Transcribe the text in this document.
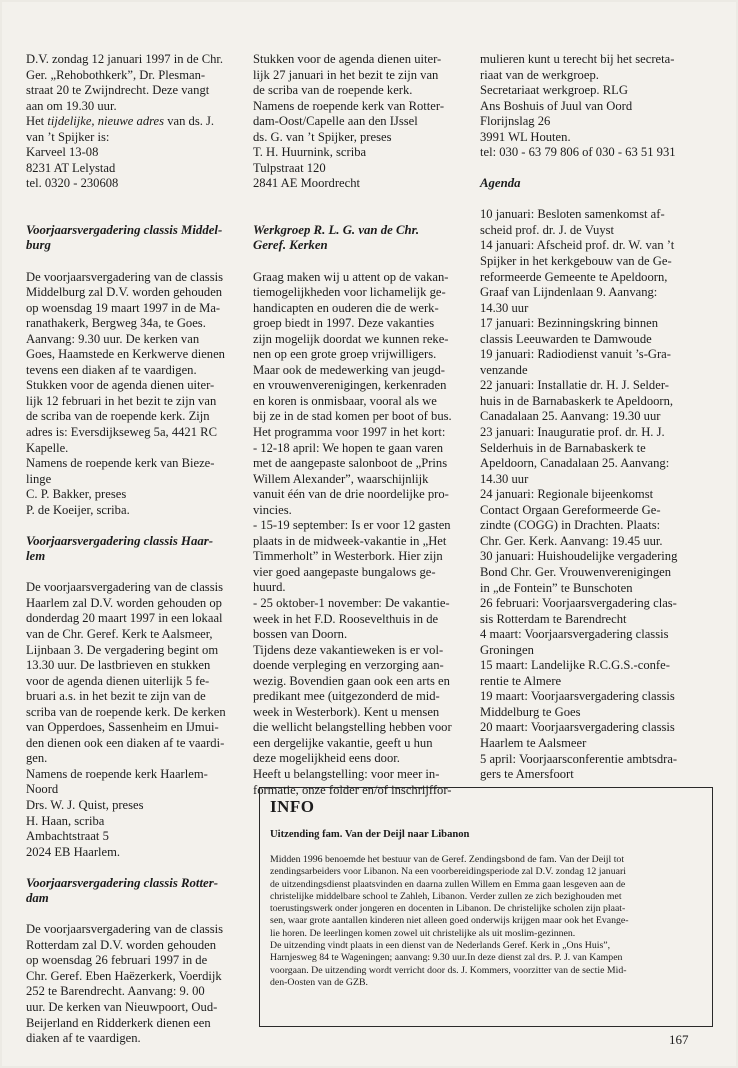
D.V. zondag 12 januari 1997 in de Chr.

Ger. „Rehobothkerk”, Dr. Plesman-

straat 20 te Zwijndrecht. Deze vangt

aan om 19.30 uur.

Het tijdelijke, nieuwe adres van ds. J.

van ’t Spijker is:

Karveel 13-08

8231 AT Lelystad

tel. 0320 - 230608

Voorjaarsvergadering classis Middel-
burg

De voorjaarsvergadering van de classis

Middelburg zal D.V. worden gehouden

op woensdag 19 maart 1997 in de Ma-

ranathakerk, Bergweg 34a, te Goes.

Aanvang: 9.30 uur. De kerken van

Goes, Haamstede en Kerkwerve dienen

tevens een diaken af te vaardigen.

Stukken voor de agenda dienen uiter-

lijk 12 februari in het bezit te zijn van

de scriba van de roepende kerk. Zijn

adres is: Eversdijkseweg 5a, 4421 RC

Kapelle.

Namens de roepende kerk van Bieze-

linge

C. P. Bakker, preses

P. de Koeijer, scriba.

Voorjaarsvergadering classis Haar-
lem

De voorjaarsvergadering van de classis

Haarlem zal D.V. worden gehouden op

donderdag 20 maart 1997 in een lokaal

van de Chr. Geref. Kerk te Aalsmeer,

Lijnbaan 3. De vergadering begint om

13.30 uur. De lastbrieven en stukken

voor de agenda dienen uiterlijk 5 fe-

bruari a.s. in het bezit te zijn van de

scriba van de roepende kerk. De kerken

van Opperdoes, Sassenheim en IJmui-

den dienen ook een diaken af te vaardi-

gen.

Namens de roepende kerk Haarlem-

Noord

Drs. W. J. Quist, preses

H. Haan, scriba

Ambachtstraat 5

2024 EB Haarlem.

Voorjaarsvergadering classis Rotter-
dam

De voorjaarsvergadering van de classis

Rotterdam zal D.V. worden gehouden

op woensdag 26 februari 1997 in de

Chr. Geref. Eben Haëzerkerk, Voerdijk

252 te Barendrecht. Aanvang: 9. 00

uur. De kerken van Nieuwpoort, Oud-

Beijerland en Ridderkerk dienen een

diaken af te vaardigen.

Stukken voor de agenda dienen uiter-

lijk 27 januari in het bezit te zijn van

de scriba van de roepende kerk.

Namens de roepende kerk van Rotter-

dam-Oost/Capelle aan den IJssel

ds. G. van ’t Spijker, preses

T. H. Huurnink, scriba

Tulpstraat 120

2841 AE Moordrecht

Werkgroep R. L. G. van de Chr.
Geref. Kerken

Graag maken wij u attent op de vakan-

tiemogelijkheden voor lichamelijk ge-

handicapten en ouderen die de werk-

groep biedt in 1997. Deze vakanties

zijn mogelijk doordat we kunnen reke-

nen op een grote groep vrijwilligers.

Maar ook de medewerking van jeugd-

en vrouwenverenigingen, kerkenraden

en koren is onmisbaar, vooral als we

bij ze in de stad komen per boot of bus.

Het programma voor 1997 in het kort:

- 12-18 april: We hopen te gaan varen

met de aangepaste salonboot de „Prins

Willem Alexander”, waarschijnlijk

vanuit één van de drie noordelijke pro-

vincies.

- 15-19 september: Is er voor 12 gasten

plaats in de midweek-vakantie in „Het

Timmerholt” in Westerbork. Hier zijn

vier goed aangepaste bungalows ge-

huurd.

- 25 oktober-1 november: De vakantie-

week in het F.D. Roosevelthuis in de

bossen van Doorn.

Tijdens deze vakantieweken is er vol-

doende verpleging en verzorging aan-

wezig. Bovendien gaan ook een arts en

predikant mee (uitgezonderd de mid-

week in Westerbork). Kent u mensen

die wellicht belangstelling hebben voor

een dergelijke vakantie, geeft u hun

deze mogelijkheid eens door.

Heeft u belangstelling: voor meer in-

formatie, onze folder en/of inschrijffor-

mulieren kunt u terecht bij het secreta-

riaat van de werkgroep.

Secretariaat werkgroep. RLG

Ans Boshuis of Juul van Oord

Florijnslag 26

3991 WL Houten.

tel: 030 - 63 79 806 of 030 - 63 51 931

Agenda

10 januari: Besloten samenkomst af-

scheid prof. dr. J. de Vuyst

14 januari: Afscheid prof. dr. W. van ’t

Spijker in het kerkgebouw van de Ge-

reformeerde Gemeente te Apeldoorn,

Graaf van Lijndenlaan 9. Aanvang:

14.30 uur

17 januari: Bezinningskring binnen

classis Leeuwarden te Damwoude

19 januari: Radiodienst vanuit ’s-Gra-

venzande

22 januari: Installatie dr. H. J. Selder-

huis in de Barnabaskerk te Apeldoorn,

Canadalaan 25. Aanvang: 19.30 uur

23 januari: Inauguratie prof. dr. H. J.

Selderhuis in de Barnabaskerk te

Apeldoorn, Canadalaan 25. Aanvang:

14.30 uur

24 januari: Regionale bijeenkomst

Contact Orgaan Gereformeerde Ge-

zindte (COGG) in Drachten. Plaats:

Chr. Ger. Kerk. Aanvang: 19.45 uur.

30 januari: Huishoudelijke vergadering

Bond Chr. Ger. Vrouwenverenigingen

in „de Fontein” te Bunschoten

26 februari: Voorjaarsvergadering clas-

sis Rotterdam te Barendrecht

4 maart: Voorjaarsvergadering classis

Groningen

15 maart: Landelijke R.C.G.S.-confe-

rentie te Almere

19 maart: Voorjaarsvergadering classis

Middelburg te Goes

20 maart: Voorjaarsvergadering classis

Haarlem te Aalsmeer

5 april: Voorjaarsconferentie ambtsdra-

gers te Amersfoort

INFO
Uitzending fam. Van der Deijl naar Libanon

Midden 1996 benoemde het bestuur van de Geref. Zendingsbond de fam. Van der Deijl tot

zendingsarbeiders voor Libanon. Na een voorbereidingsperiode zal D.V. zondag 12 januari

de uitzendingsdienst plaatsvinden en daarna zullen Willem en Emma gaan lesgeven aan de

christelijke middelbare school te Zahleh, Libanon. Verder zullen ze zich bezighouden met

toerustingswerk onder jongeren en docenten in Libanon. De christelijke scholen zijn plaat-

sen, waar grote aantallen kinderen niet alleen goed onderwijs krijgen maar ook het Evange-

lie horen. De leerlingen komen zowel uit christelijke als uit moslim-gezinnen.

De uitzending vindt plaats in een dienst van de Nederlands Geref. Kerk in „Ons Huis”,

Harnjesweg 84 te Wageningen; aanvang: 9.30 uur.In deze dienst zal drs. P. J. van Kampen

voorgaan. De uitzending wordt verricht door ds. J. Kommers, voorzitter van de sectie Mid-

den-Oosten van de GZB.

167
